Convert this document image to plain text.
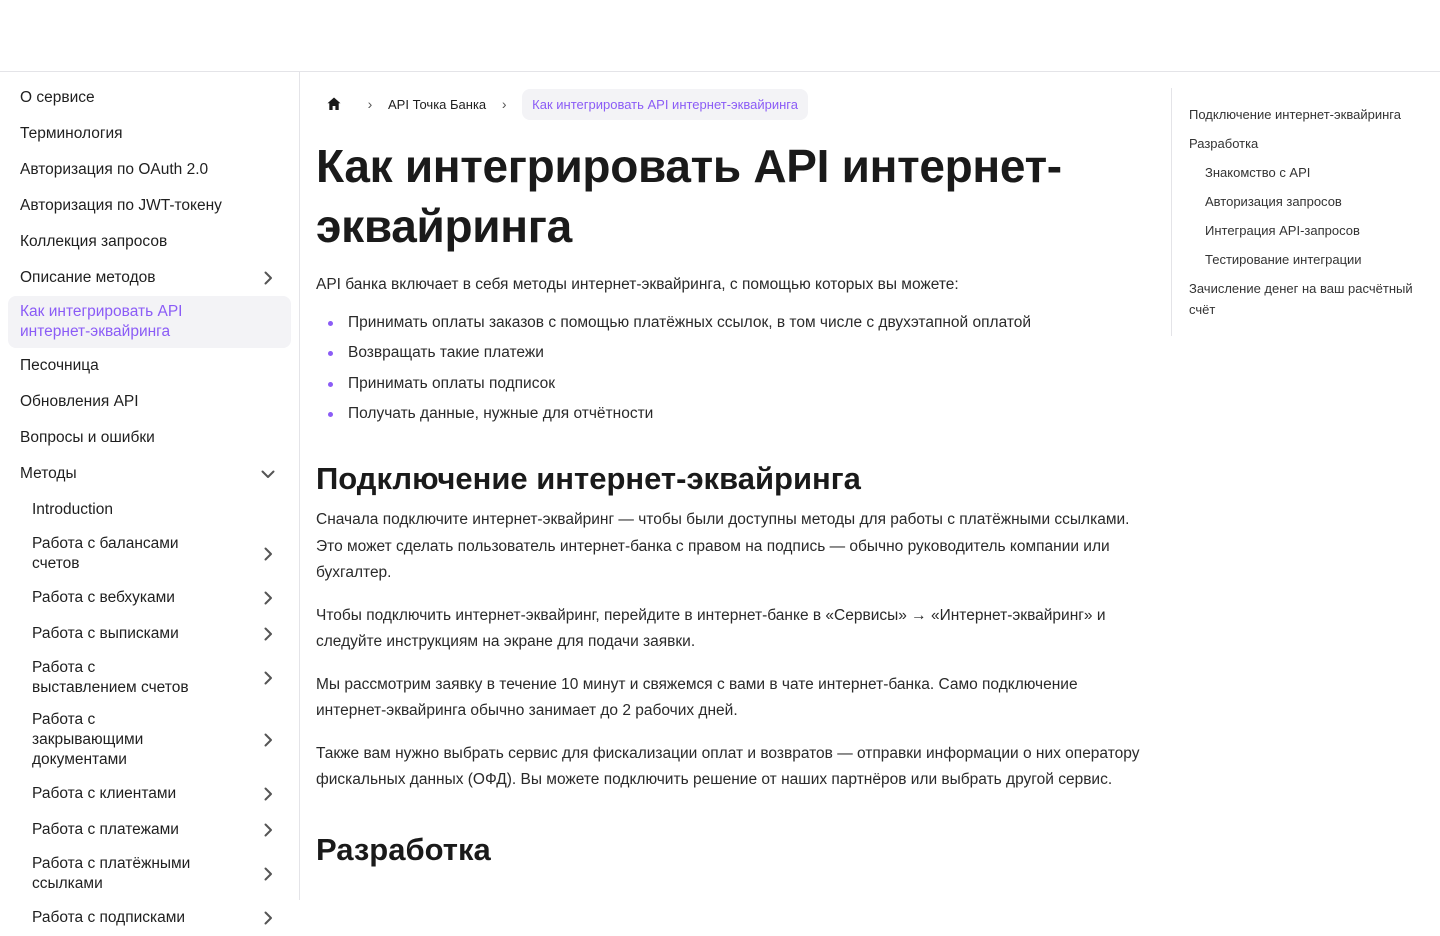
О сервисе
Терминология
Авторизация по OAuth 2.0
Авторизация по JWT-токену
Коллекция запросов
Описание методов
Как интегрировать API интернет-эквайринга
Песочница
Обновления API
Вопросы и ошибки
Методы
Introduction
Работа с балансами счетов
Работа с вебхуками
Работа с выписками
Работа с выставлением счетов
Работа с закрывающими документами
Работа с клиентами
Работа с платежами
Работа с платёжными ссылками
Работа с подписками
›	API Точка Банка	›	Как интегрировать API интернет-эквайринга
Как интегрировать API интернет-эквайринга

API банка включает в себя методы интернет-эквайринга, с помощью которых вы можете:

Принимать оплаты заказов с помощью платёжных ссылок, в том числе с двухэтапной оплатой
Возвращать такие платежи
Принимать оплаты подписок
Получать данные, нужные для отчётности
Подключение интернет-эквайринга

Сначала подключите интернет-эквайринг — чтобы были доступны методы для работы с платёжными ссылками. Это может сделать пользователь интернет-банка с правом на подпись — обычно руководитель компании или бухгалтер.

Чтобы подключить интернет-эквайринг, перейдите в интернет-банке в «Сервисы» → «Интернет-эквайринг» и следуйте инструкциям на экране для подачи заявки.

Мы рассмотрим заявку в течение 10 минут и свяжемся с вами в чате интернет-банка. Само подключение интернет-эквайринга обычно занимает до 2 рабочих дней.

Также вам нужно выбрать сервис для фискализации оплат и возвратов — отправки информации о них оператору фискальных данных (ОФД). Вы можете подключить решение от наших партнёров или выбрать другой сервис.

Разработка
Подключение интернет-эквайринга
Разработка
Знакомство с API
Авторизация запросов
Интеграция API-запросов
Тестирование интеграции
Зачисление денег на ваш расчётный счёт
